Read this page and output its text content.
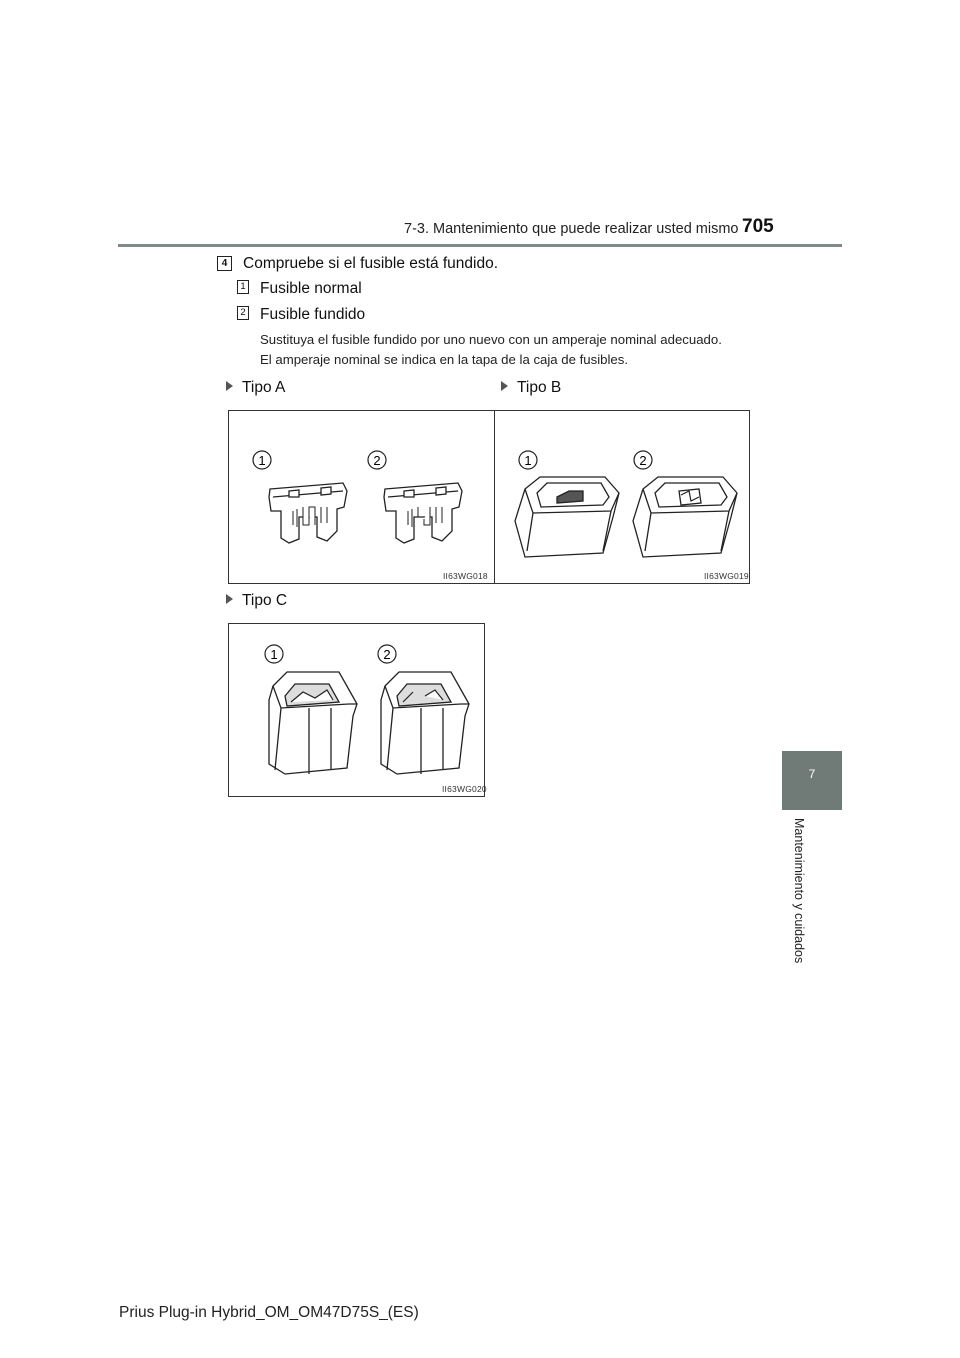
7-3. Mantenimiento que puede realizar usted mismo 705
7
Mantenimiento y cuidados
4	Compruebe si el fusible está fundido.
1 Fusible normal
2 Fusible fundido
Sustituya el fusible fundido por uno nuevo con un amperaje nominal adecuado.
El amperaje nominal se indica en la tapa de la caja de fusibles.
Tipo A	Tipo B
Tipo C
1	2
II63WG018
1	2
II63WG019
1	2
II63WG020
Prius Plug-in Hybrid_OM_OM47D75S_(ES)
